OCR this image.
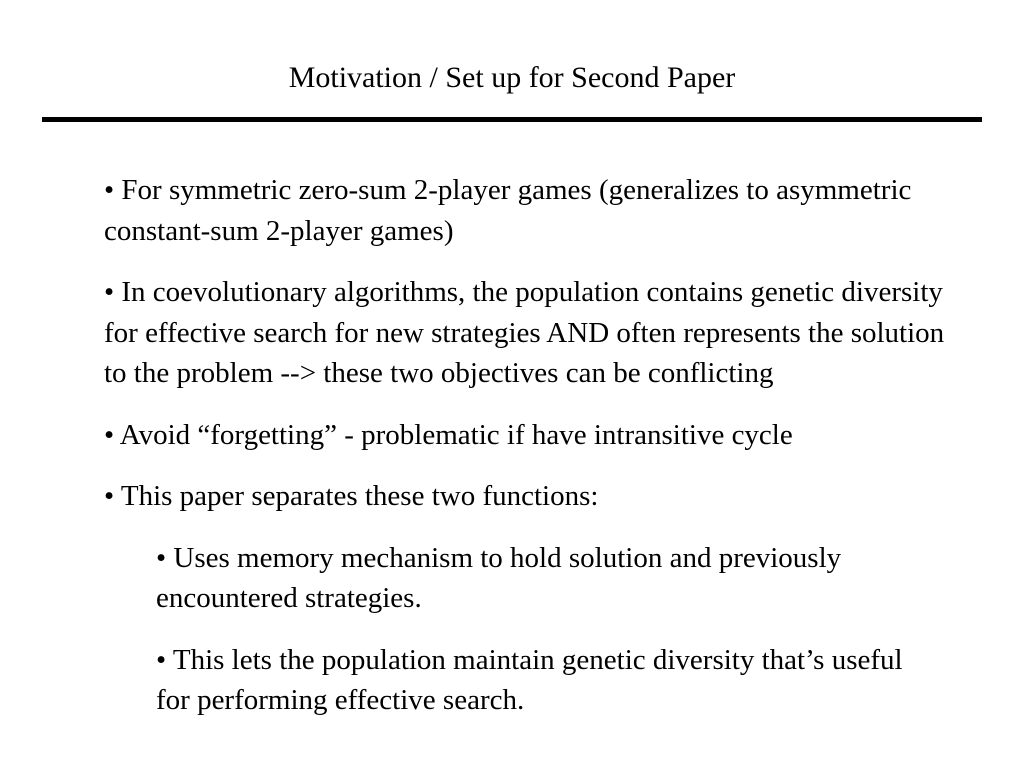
Motivation / Set up for Second Paper
• For symmetric zero-sum 2-player games (generalizes to asymmetric constant-sum 2-player games)
• In coevolutionary algorithms, the population contains genetic diversity for effective search for new strategies AND often represents the solution to the problem --> these two objectives can be conflicting
• Avoid “forgetting” - problematic if have intransitive cycle
• This paper separates these two functions:
• Uses memory mechanism to hold solution and previously encountered strategies.
• This lets the population maintain genetic diversity that’s useful for performing effective search.
